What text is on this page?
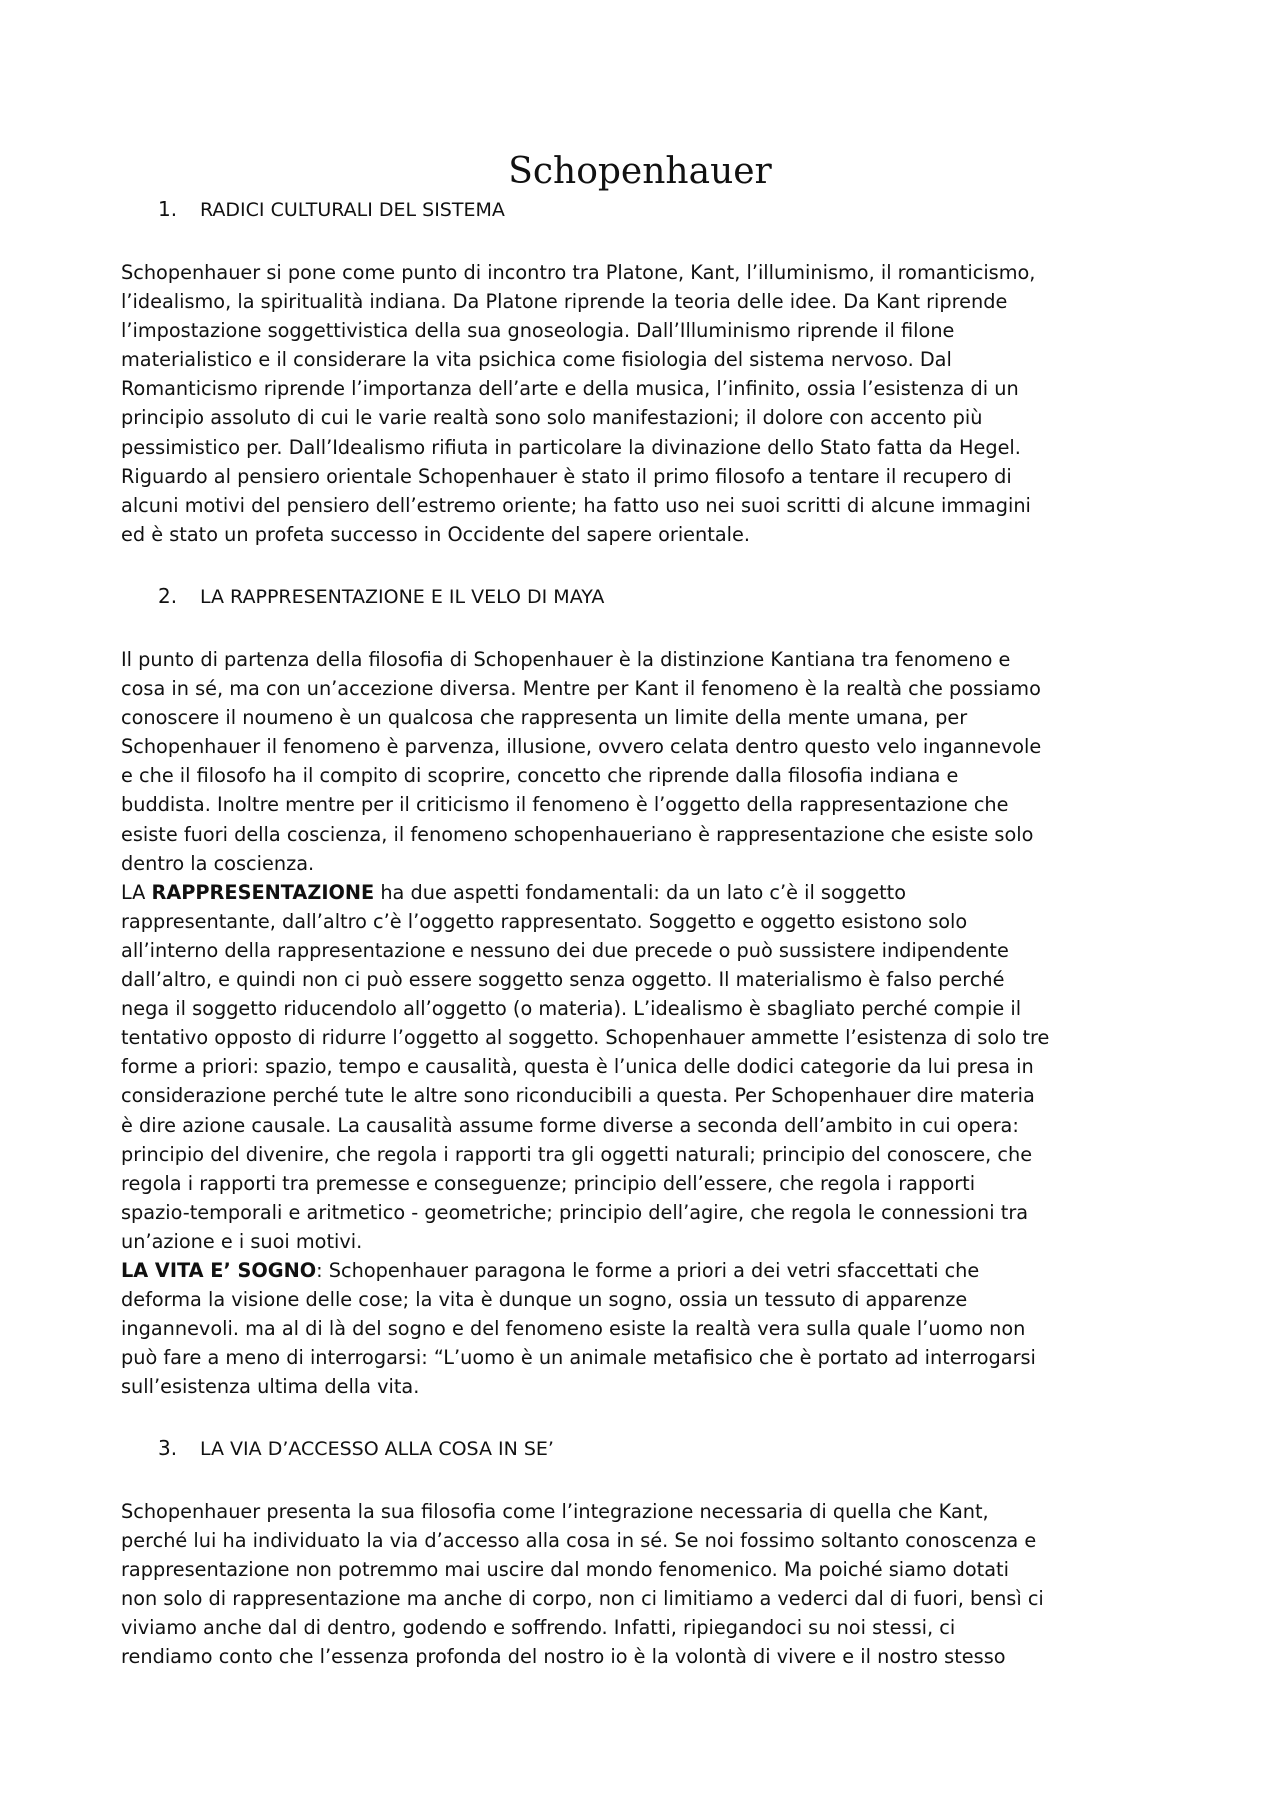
Schopenhauer
1. RADICI CULTURALI DEL SISTEMA
Schopenhauer si pone come punto di incontro tra Platone, Kant, l’illuminismo, il romanticismo,
l’idealismo, la spiritualità indiana. Da Platone riprende la teoria delle idee. Da Kant riprende
l’impostazione soggettivistica della sua gnoseologia. Dall’Illuminismo riprende il filone
materialistico e il considerare la vita psichica come fisiologia del sistema nervoso. Dal
Romanticismo riprende l’importanza dell’arte e della musica, l’infinito, ossia l’esistenza di un
principio assoluto di cui le varie realtà sono solo manifestazioni; il dolore con accento più
pessimistico per. Dall’Idealismo rifiuta in particolare la divinazione dello Stato fatta da Hegel.
Riguardo al pensiero orientale Schopenhauer è stato il primo filosofo a tentare il recupero di
alcuni motivi del pensiero dell’estremo oriente; ha fatto uso nei suoi scritti di alcune immagini
ed è stato un profeta successo in Occidente del sapere orientale.
2. LA RAPPRESENTAZIONE E IL VELO DI MAYA
Il punto di partenza della filosofia di Schopenhauer è la distinzione Kantiana tra fenomeno e
cosa in sé, ma con un’accezione diversa. Mentre per Kant il fenomeno è la realtà che possiamo
conoscere il noumeno è un qualcosa che rappresenta un limite della mente umana, per
Schopenhauer il fenomeno è parvenza, illusione, ovvero celata dentro questo velo ingannevole
e che il filosofo ha il compito di scoprire, concetto che riprende dalla filosofia indiana e
buddista. Inoltre mentre per il criticismo il fenomeno è l’oggetto della rappresentazione che
esiste fuori della coscienza, il fenomeno schopenhaueriano è rappresentazione che esiste solo
dentro la coscienza.
LA RAPPRESENTAZIONE ha due aspetti fondamentali: da un lato c’è il soggetto
rappresentante, dall’altro c’è l’oggetto rappresentato. Soggetto e oggetto esistono solo
all’interno della rappresentazione e nessuno dei due precede o può sussistere indipendente
dall’altro, e quindi non ci può essere soggetto senza oggetto. Il materialismo è falso perché
nega il soggetto riducendolo all’oggetto (o materia). L’idealismo è sbagliato perché compie il
tentativo opposto di ridurre l’oggetto al soggetto. Schopenhauer ammette l’esistenza di solo tre
forme a priori: spazio, tempo e causalità, questa è l’unica delle dodici categorie da lui presa in
considerazione perché tute le altre sono riconducibili a questa. Per Schopenhauer dire materia
è dire azione causale. La causalità assume forme diverse a seconda dell’ambito in cui opera:
principio del divenire, che regola i rapporti tra gli oggetti naturali; principio del conoscere, che
regola i rapporti tra premesse e conseguenze; principio dell’essere, che regola i rapporti
spazio-temporali e aritmetico - geometriche; principio dell’agire, che regola le connessioni tra
un’azione e i suoi motivi.
LA VITA E’ SOGNO: Schopenhauer paragona le forme a priori a dei vetri sfaccettati che
deforma la visione delle cose; la vita è dunque un sogno, ossia un tessuto di apparenze
ingannevoli. ma al di là del sogno e del fenomeno esiste la realtà vera sulla quale l’uomo non
può fare a meno di interrogarsi: “L’uomo è un animale metafisico che è portato ad interrogarsi
sull’esistenza ultima della vita.
3. LA VIA D’ACCESSO ALLA COSA IN SE’
Schopenhauer presenta la sua filosofia come l’integrazione necessaria di quella che Kant,
perché lui ha individuato la via d’accesso alla cosa in sé. Se noi fossimo soltanto conoscenza e
rappresentazione non potremmo mai uscire dal mondo fenomenico. Ma poiché siamo dotati
non solo di rappresentazione ma anche di corpo, non ci limitiamo a vederci dal di fuori, bensì ci
viviamo anche dal di dentro, godendo e soffrendo. Infatti, ripiegandoci su noi stessi, ci
rendiamo conto che l’essenza profonda del nostro io è la volontà di vivere e il nostro stesso
